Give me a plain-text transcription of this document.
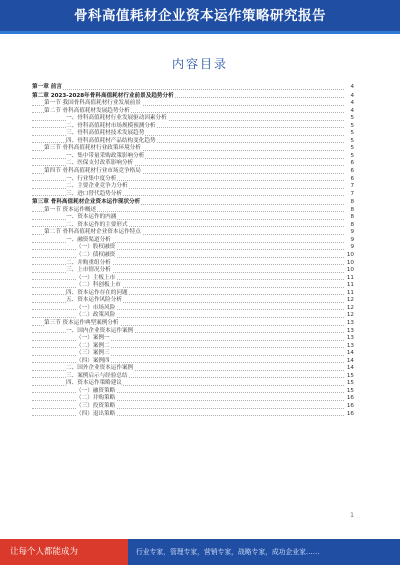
骨科高值耗材企业资本运作策略研究报告
内容目录
第一章 前言	4
第二章 2023-2028年骨科高值耗材行业前景及趋势分析	4
第一节 我国骨科高值耗材行业发展前景	4
第二节 骨科高值耗材发展趋势分析	4
一、骨科高值耗材行业发展驱动因素分析	5
二、骨科高值耗材市场规模预测分析	5
三、骨科高值耗材技术发展趋势	5
四、骨科高值耗材产品结构变化趋势	5
第三节 骨科高值耗材行业政策环境分析	5
一、集中带量采购政策影响分析	5
二、医保支付改革影响分析	6
第四节 骨科高值耗材行业市场竞争格局	6
一、行业集中度分析	6
二、主要企业竞争力分析	7
三、进口替代趋势分析	7
第三章 骨科高值耗材企业资本运作现状分析	8
第一节 资本运作概述	8
一、资本运作的内涵	8
二、资本运作的主要形式	8
第二节 骨科高值耗材企业资本运作特点	9
一、融资渠道分析	9
（一）股权融资	9
（二）债权融资	10
二、并购重组分析	10
三、上市情况分析	10
（一）主板上市	11
（二）科创板上市	11
四、资本运作存在的问题	11
五、资本运作风险分析	12
（一）市场风险	12
（二）政策风险	12
第三节 资本运作典型案例分析	13
一、国内企业资本运作案例	13
（一）案例一	13
（二）案例二	13
（三）案例三	14
（四）案例四	14
二、国外企业资本运作案例	14
三、案例启示与经验总结	15
四、资本运作策略建议	15
（一）融资策略	15
（二）并购策略	16
（三）投资策略	16
（四）退出策略	16
1
让每个人都能成为	行业专家，管理专家，营销专家，战略专家，成功企业家……
